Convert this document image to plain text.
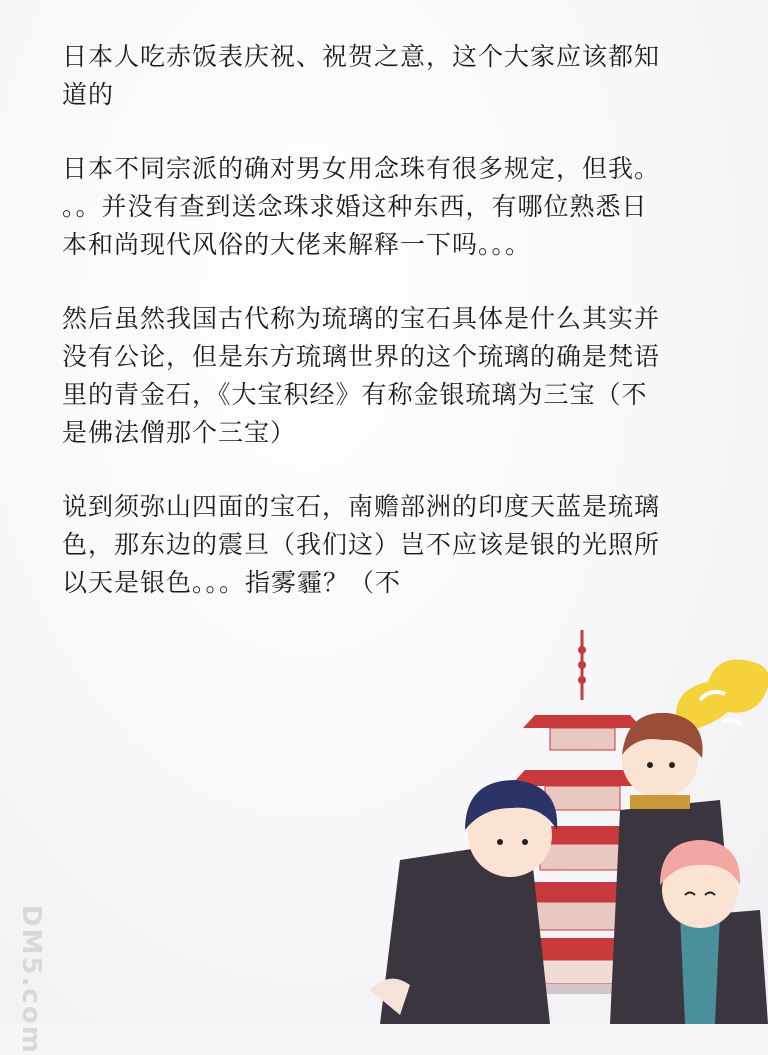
日本人吃赤饭表庆祝、祝贺之意，这个大家应该都知
道的

日本不同宗派的确对男女用念珠有很多规定，但我。
。。并没有查到送念珠求婚这种东西，有哪位熟悉日
本和尚现代风俗的大佬来解释一下吗。。。

然后虽然我国古代称为琉璃的宝石具体是什么其实并
没有公论，但是东方琉璃世界的这个琉璃的确是梵语
里的青金石，《大宝积经》有称金银琉璃为三宝（不
是佛法僧那个三宝）

说到须弥山四面的宝石，南赡部洲的印度天蓝是琉璃
色，那东边的震旦（我们这）岂不应该是银的光照所
以天是银色。。。指雾霾？（不

DM5.com
